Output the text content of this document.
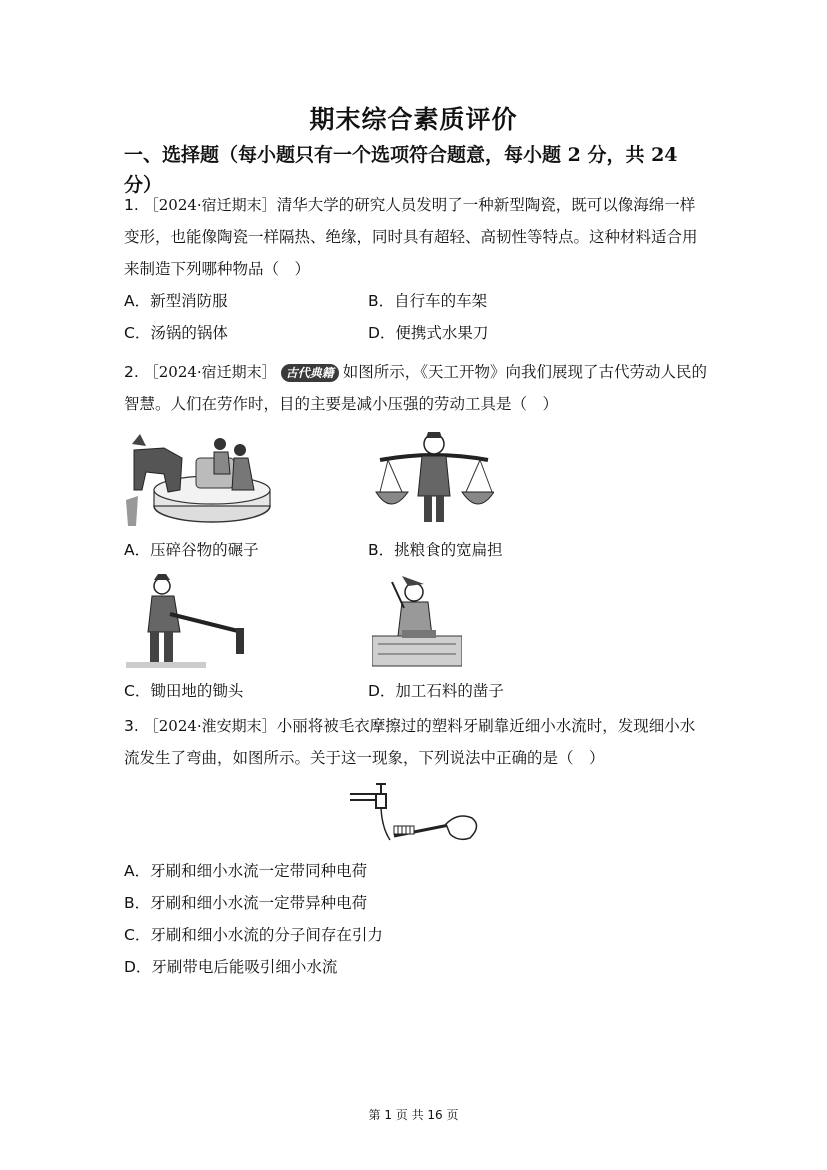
期末综合素质评价
一、选择题（每小题只有一个选项符合题意，每小题 2 分，共 24 分）
1. ［2024·宿迁期末］清华大学的研究人员发明了一种新型陶瓷，既可以像海绵一样变形，也能像陶瓷一样隔热、绝缘，同时具有超轻、高韧性等特点。这种材料适合用来制造下列哪种物品（　）
A．新型消防服	B．自行车的车架
C．汤锅的锅体	D．便携式水果刀
2. ［2024·宿迁期末］ 古代典籍 如图所示，《天工开物》向我们展现了古代劳动人民的智慧。人们在劳作时，目的主要是减小压强的劳动工具是（　）
A．压碎谷物的碾子	B．挑粮食的宽扁担
C．锄田地的锄头	D．加工石料的凿子
3. ［2024·淮安期末］小丽将被毛衣摩擦过的塑料牙刷靠近细小水流时，发现细小水流发生了弯曲，如图所示。关于这一现象，下列说法中正确的是（　）
A．牙刷和细小水流一定带同种电荷
B．牙刷和细小水流一定带异种电荷
C．牙刷和细小水流的分子间存在引力
D．牙刷带电后能吸引细小水流
第 1 页 共 16 页
